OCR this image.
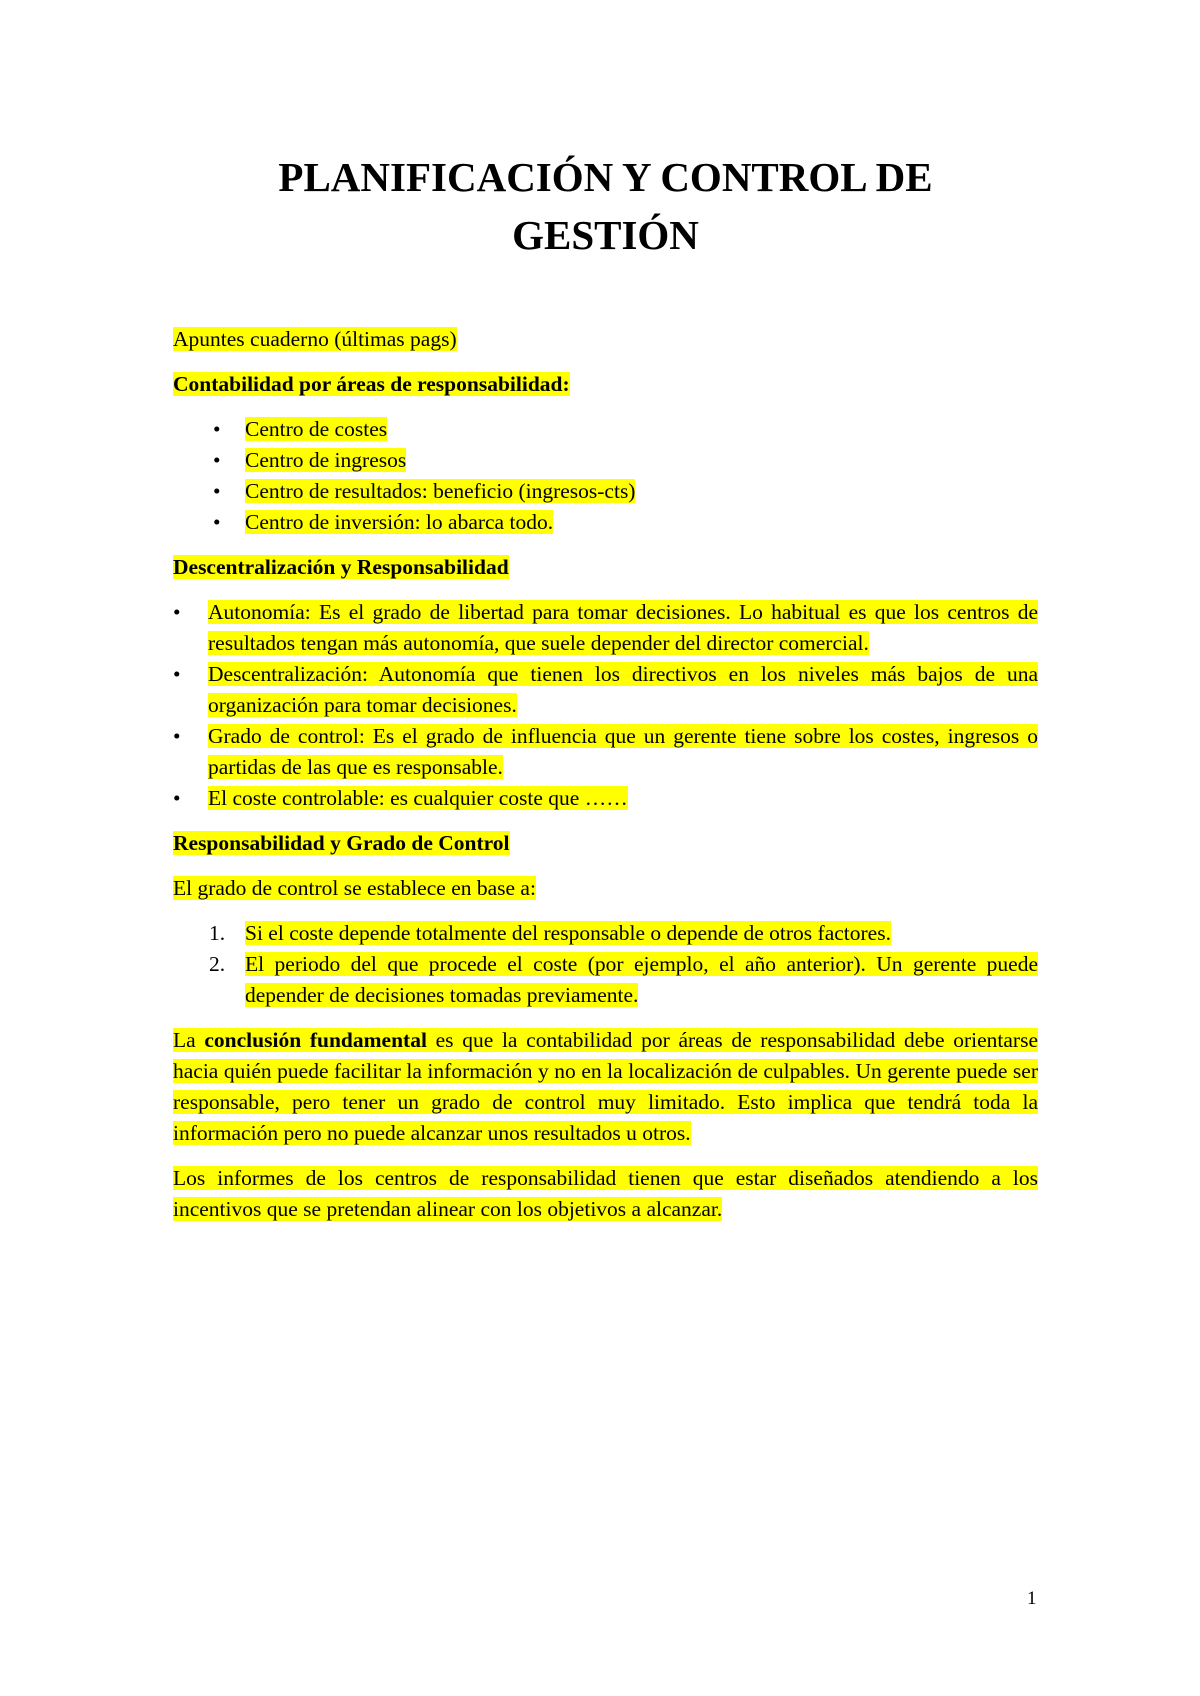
PLANIFICACIÓN Y CONTROL DE
GESTIÓN

Apuntes cuaderno (últimas pags)

Contabilidad por áreas de responsabilidad:

• Centro de costes
• Centro de ingresos
• Centro de resultados: beneficio (ingresos-cts)
• Centro de inversión: lo abarca todo.

Descentralización y Responsabilidad

• Autonomía: Es el grado de libertad para tomar decisiones. Lo habitual es que los centros de resultados tengan más autonomía, que suele depender del director comercial.
• Descentralización: Autonomía que tienen los directivos en los niveles más bajos de una organización para tomar decisiones.
• Grado de control: Es el grado de influencia que un gerente tiene sobre los costes, ingresos o partidas de las que es responsable.
• El coste controlable: es cualquier coste que ……

Responsabilidad y Grado de Control

El grado de control se establece en base a:

1. Si el coste depende totalmente del responsable o depende de otros factores.
2. El periodo del que procede el coste (por ejemplo, el año anterior). Un gerente puede depender de decisiones tomadas previamente.

La conclusión fundamental es que la contabilidad por áreas de responsabilidad debe orientarse hacia quién puede facilitar la información y no en la localización de culpables. Un gerente puede ser responsable, pero tener un grado de control muy limitado. Esto implica que tendrá toda la información pero no puede alcanzar unos resultados u otros.

Los informes de los centros de responsabilidad tienen que estar diseñados atendiendo a los incentivos que se pretendan alinear con los objetivos a alcanzar.

1
